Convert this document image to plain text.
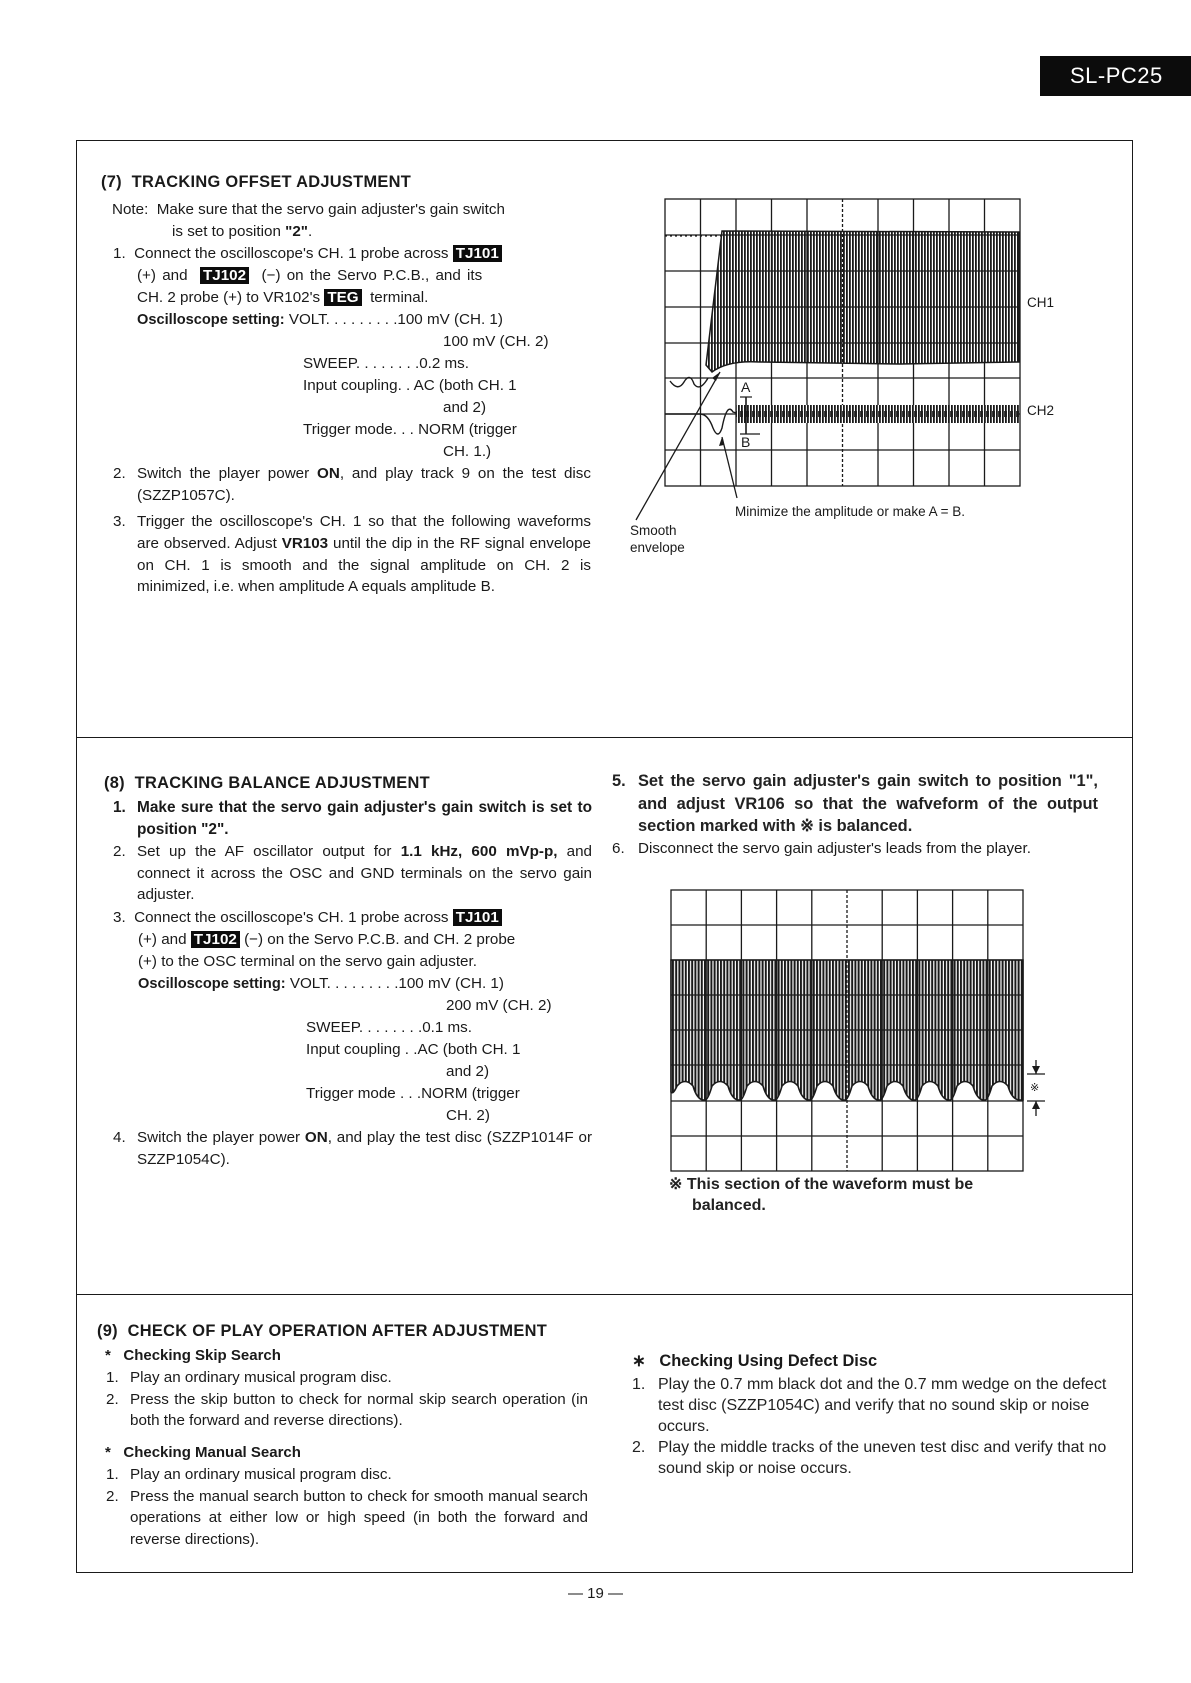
SL-PC25
(7) TRACKING OFFSET ADJUSTMENT
Note: Make sure that the servo gain adjuster's gain switch
is set to position "2".
1. Connect the oscilloscope's CH. 1 probe across TJ101
(+) and TJ102 (−) on the Servo P.C.B., and its
CH. 2 probe (+) to VR102's TEG terminal.
Oscilloscope setting: VOLT. . . . . . . . .100 mV (CH. 1)
100 mV (CH. 2)
SWEEP. . . . . . . .0.2 ms.
Input coupling. . AC (both CH. 1
and 2)
Trigger mode. . . NORM (trigger
CH. 1.)
2. Switch the player power ON, and play track 9 on the test disc (SZZP1057C).
3. Trigger the oscilloscope's CH. 1 so that the following waveforms are observed. Adjust VR103 until the dip in the RF signal envelope on CH. 1 is smooth and the signal amplitude on CH. 2 is minimized, i.e. when amplitude A equals amplitude B.
CH1
CH2
A
B
Minimize the amplitude or make A = B.
Smooth
envelope
(8) TRACKING BALANCE ADJUSTMENT
1. Make sure that the servo gain adjuster's gain switch is set to position "2".
2. Set up the AF oscillator output for 1.1 kHz, 600 mVp-p, and connect it across the OSC and GND terminals on the servo gain adjuster.
3. Connect the oscilloscope's CH. 1 probe across TJ101
(+) and TJ102 (−) on the Servo P.C.B. and CH. 2 probe
(+) to the OSC terminal on the servo gain adjuster.
Oscilloscope setting: VOLT. . . . . . . . .100 mV (CH. 1)
200 mV (CH. 2)
SWEEP. . . . . . . .0.1 ms.
Input coupling . .AC (both CH. 1
and 2)
Trigger mode . . .NORM (trigger
CH. 2)
4. Switch the player power ON, and play the test disc (SZZP1014F or SZZP1054C).
5. Set the servo gain adjuster's gain switch to position "1", and adjust VR106 so that the wafveform of the output section marked with ※ is balanced.
6. Disconnect the servo gain adjuster's leads from the player.
※
※ This section of the waveform must be
balanced.
(9) CHECK OF PLAY OPERATION AFTER ADJUSTMENT
* Checking Skip Search
1. Play an ordinary musical program disc.
2. Press the skip button to check for normal skip search operation (in both the forward and reverse directions).
* Checking Manual Search
1. Play an ordinary musical program disc.
2. Press the manual search button to check for smooth manual search operations at either low or high speed (in both the forward and reverse directions).
∗ Checking Using Defect Disc
1. Play the 0.7 mm black dot and the 0.7 mm wedge on the defect test disc (SZZP1054C) and verify that no sound skip or noise occurs.
2. Play the middle tracks of the uneven test disc and verify that no sound skip or noise occurs.
— 19 —
